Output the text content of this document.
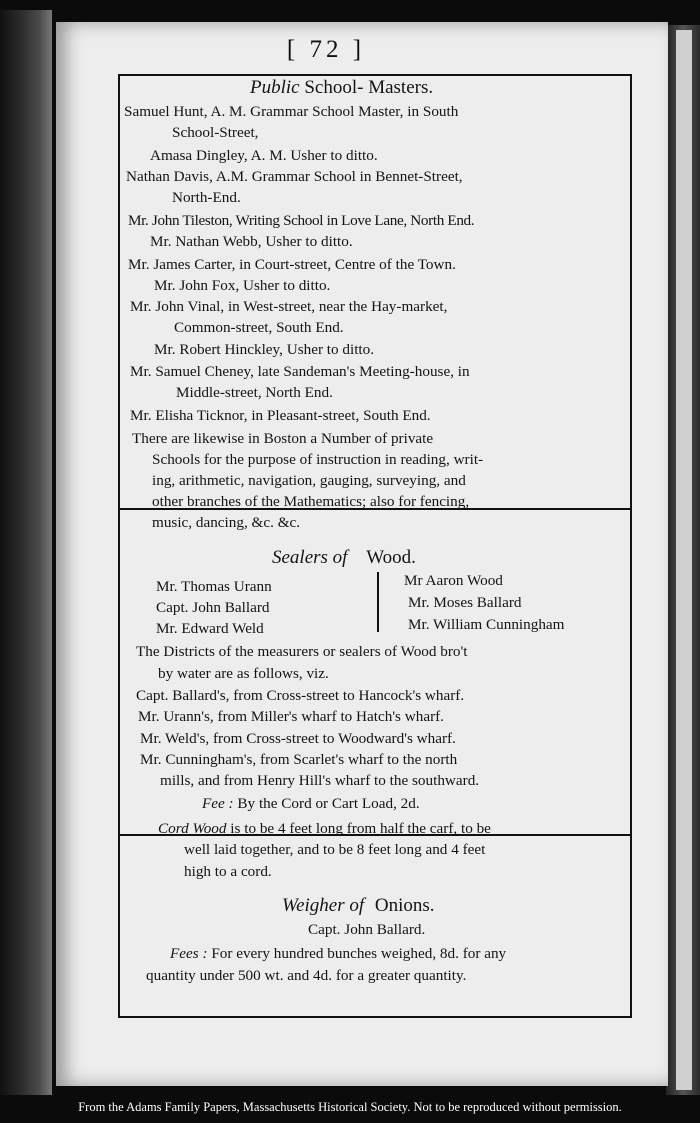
[ 72 ]
Public School- Masters.
Samuel Hunt, A. M. Grammar School Master, in South
School-Street,
Amasa Dingley, A. M. Usher to ditto.
Nathan Davis, A.M. Grammar School in Bennet-Street,
North-End.
Mr. John Tileston, Writing School in Love Lane, North End.
Mr. Nathan Webb, Usher to ditto.
Mr. James Carter, in Court-street, Centre of the Town.
Mr. John Fox, Usher to ditto.
Mr. John Vinal, in West-street, near the Hay-market,
Common-street, South End.
Mr. Robert Hinckley, Usher to ditto.
Mr. Samuel Cheney, late Sandeman's Meeting-house, in
Middle-street, North End.
Mr. Elisha Ticknor, in Pleasant-street, South End.
There are likewise in Boston a Number of private
Schools for the purpose of instruction in reading, writ-
ing, arithmetic, navigation, gauging, surveying, and
other branches of the Mathematics; also for fencing,
music, dancing, &c. &c.
Sealers of Wood.
Mr. Thomas Urann
Capt. John Ballard
Mr. Edward Weld
Mr Aaron Wood
Mr. Moses Ballard
Mr. William Cunningham
The Districts of the measurers or sealers of Wood bro't
by water are as follows, viz.
Capt. Ballard's, from Cross-street to Hancock's wharf.
Mr. Urann's, from Miller's wharf to Hatch's wharf.
Mr. Weld's, from Cross-street to Woodward's wharf.
Mr. Cunningham's, from Scarlet's wharf to the north
mills, and from Henry Hill's wharf to the southward.
Fee : By the Cord or Cart Load, 2d.
Cord Wood is to be 4 feet long from half the carf, to be
well laid together, and to be 8 feet long and 4 feet
high to a cord.
Weigher of Onions.
Capt. John Ballard.
Fees : For every hundred bunches weighed, 8d. for any
quantity under 500 wt. and 4d. for a greater quantity.
From the Adams Family Papers, Massachusetts Historical Society. Not to be reproduced without permission.
